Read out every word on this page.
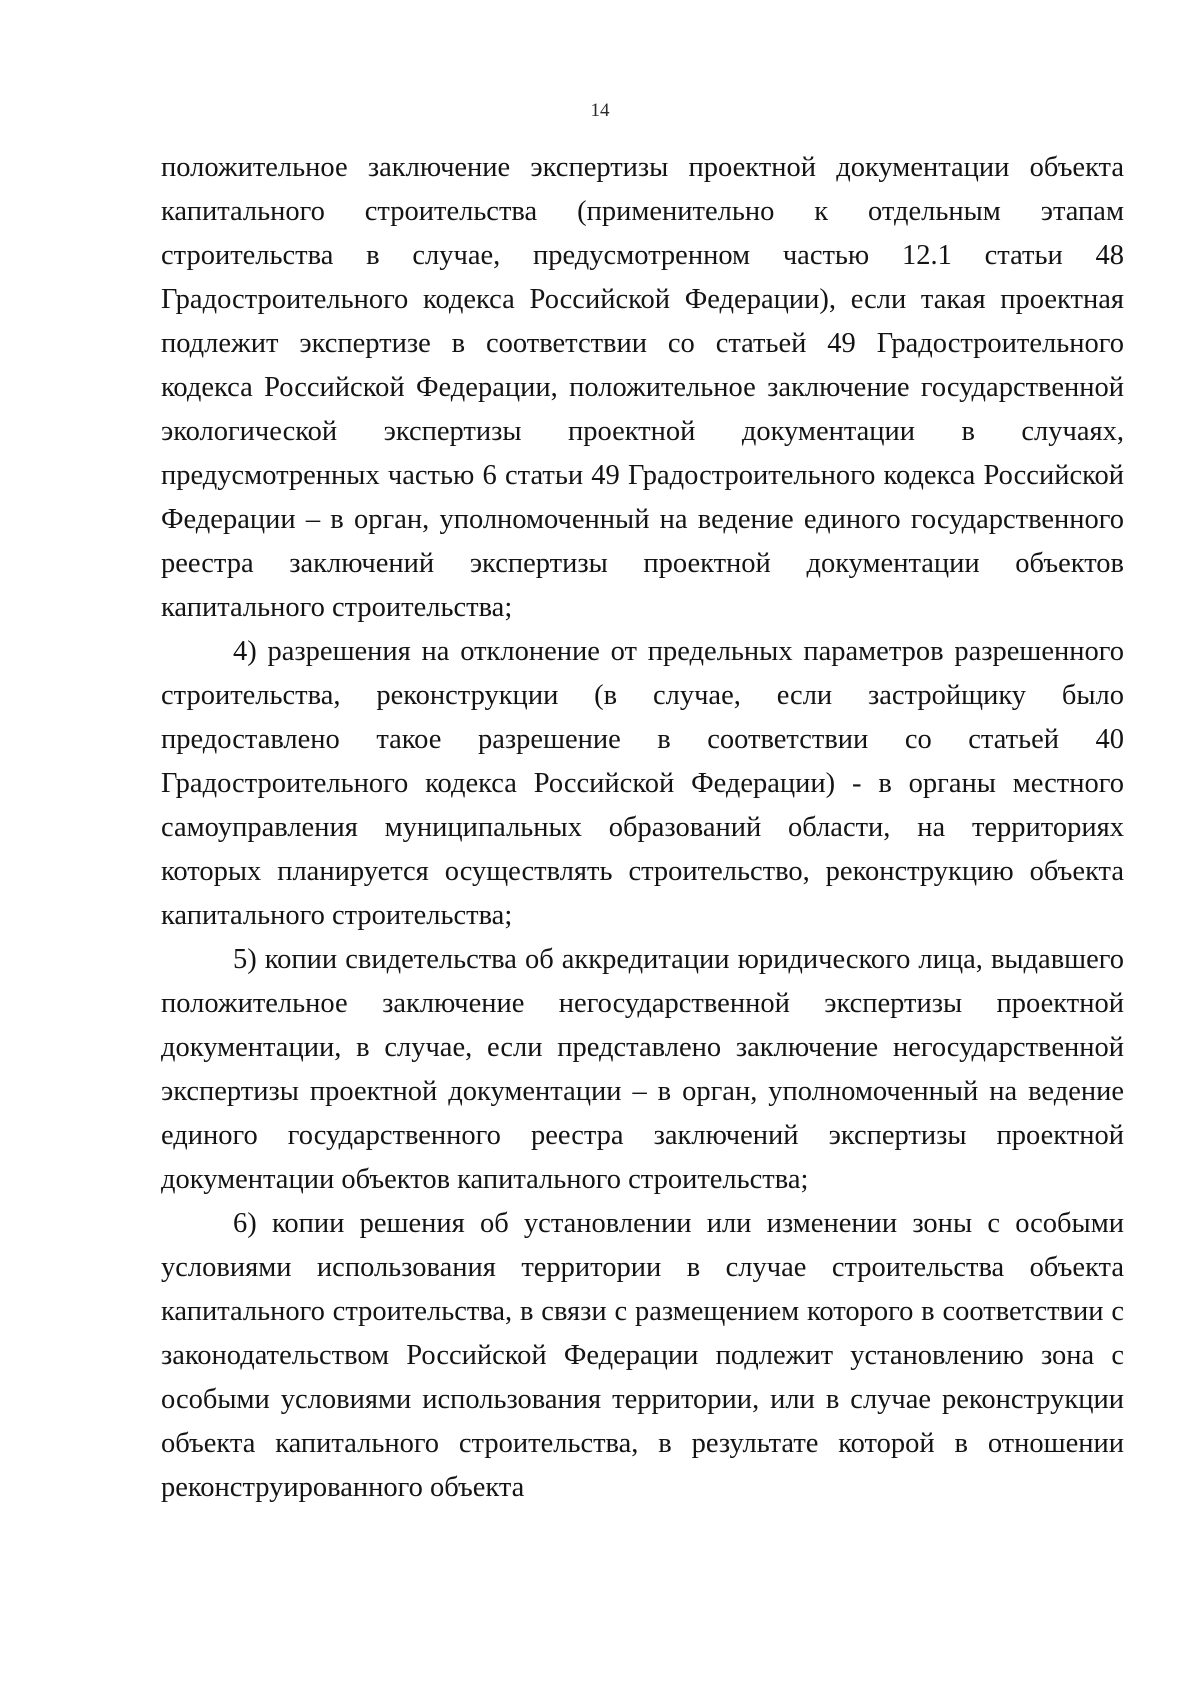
14

положительное заключение экспертизы проектной документации объекта капитального строительства (применительно к отдельным этапам строительства в случае, предусмотренном частью 12.1 статьи 48 Градостроительного кодекса Российской Федерации), если такая проектная подлежит экспертизе в соответствии со статьей 49 Градостроительного кодекса Российской Федерации, положительное заключение государственной экологической экспертизы проектной документации в случаях, предусмотренных частью 6 статьи 49 Градостроительного кодекса Российской Федерации – в орган, уполномоченный на ведение единого государственного реестра заключений экспертизы проектной документации объектов капитального строительства;

4) разрешения на отклонение от предельных параметров разрешенного строительства, реконструкции (в случае, если застройщику было предоставлено такое разрешение в соответствии со статьей 40 Градостроительного кодекса Российской Федерации) - в органы местного самоуправления муниципальных образований области, на территориях которых планируется осуществлять строительство, реконструкцию объекта капитального строительства;

5) копии свидетельства об аккредитации юридического лица, выдавшего положительное заключение негосударственной экспертизы проектной документации, в случае, если представлено заключение негосударственной экспертизы проектной документации – в орган, уполномоченный на ведение единого государственного реестра заключений экспертизы проектной документации объектов капитального строительства;

6) копии решения об установлении или изменении зоны с особыми условиями использования территории в случае строительства объекта капитального строительства, в связи с размещением которого в соответствии с законодательством Российской Федерации подлежит установлению зона с особыми условиями использования территории, или в случае реконструкции объекта капитального строительства, в результате которой в отношении реконструированного объекта
